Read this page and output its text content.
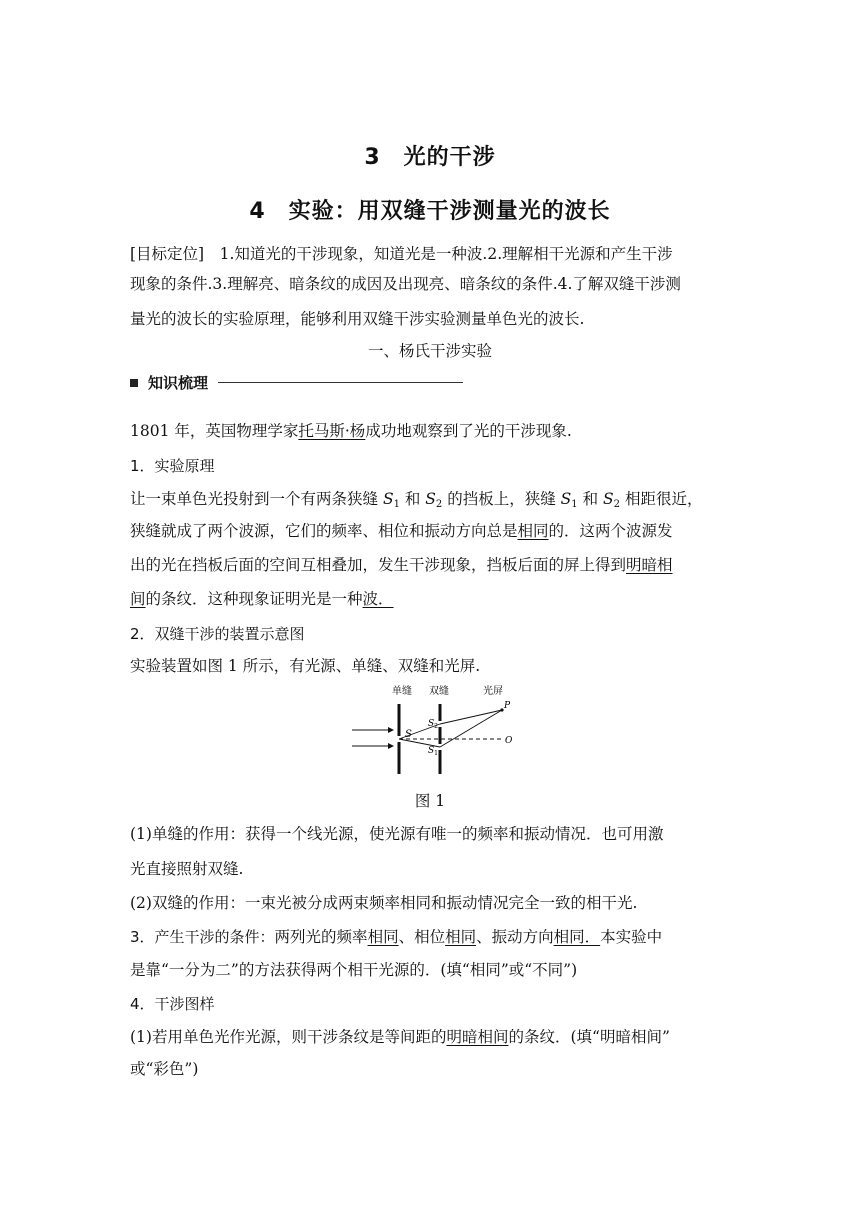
3　光的干涉
4　实验：用双缝干涉测量光的波长
[目标定位]　1.知道光的干涉现象，知道光是一种波.2.理解相干光源和产生干涉
现象的条件.3.理解亮、暗条纹的成因及出现亮、暗条纹的条件.4.了解双缝干涉测
量光的波长的实验原理，能够利用双缝干涉实验测量单色光的波长.
一、杨氏干涉实验
知识梳理
1801 年，英国物理学家托马斯·杨成功地观察到了光的干涉现象.
1．实验原理
让一束单色光投射到一个有两条狭缝 $S_1$ 和 $S_2$ 的挡板上，狭缝 $S_1$ 和 $S_2$ 相距很近，
狭缝就成了两个波源，它们的频率、相位和振动方向总是相同的．这两个波源发
出的光在挡板后面的空间互相叠加，发生干涉现象，挡板后面的屏上得到明暗相
间的条纹．这种现象证明光是一种波．
2．双缝干涉的装置示意图
实验装置如图 1 所示，有光源、单缝、双缝和光屏.
单缝 双缝	光屏
S
$S_2$
$S_1$
P
O
图 1
(1)单缝的作用：获得一个线光源，使光源有唯一的频率和振动情况．也可用激
光直接照射双缝.
(2)双缝的作用：一束光被分成两束频率相同和振动情况完全一致的相干光.
3．产生干涉的条件：两列光的频率相同、相位相同、振动方向相同．本实验中
是靠“一分为二”的方法获得两个相干光源的．(填“相同”或“不同”)
4．干涉图样
(1)若用单色光作光源，则干涉条纹是等间距的明暗相间的条纹．(填“明暗相间”
或“彩色”)
